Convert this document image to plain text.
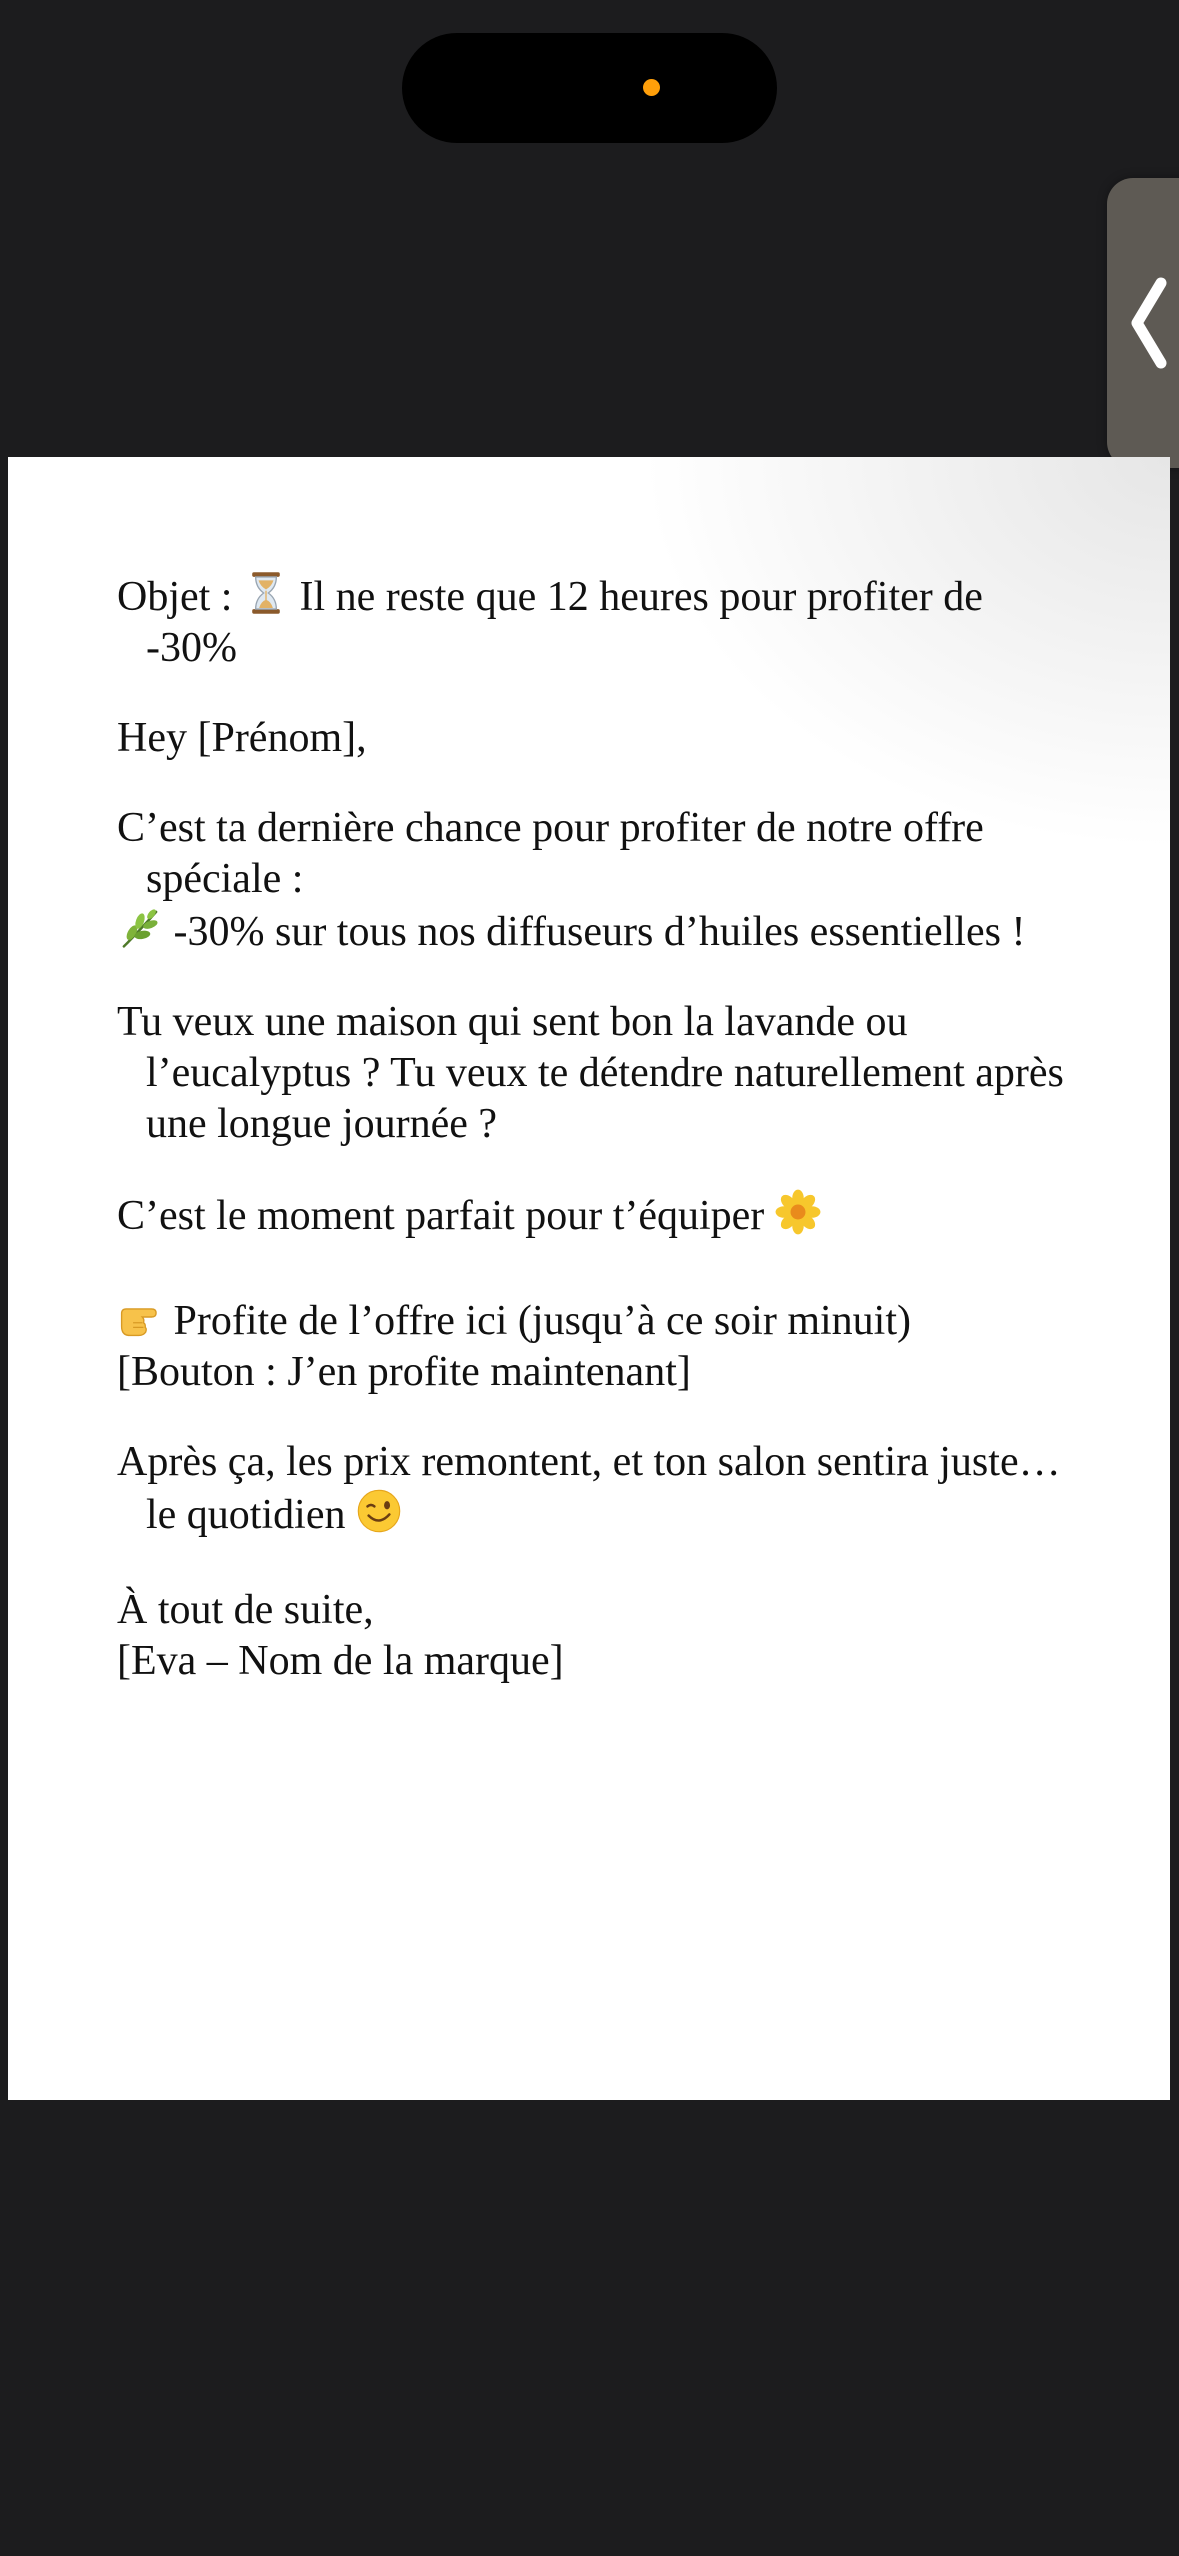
Objet :  Il ne reste que 12 heures pour profiter de -30%

Hey [Prénom],

C’est ta dernière chance pour profiter de notre offre spéciale :
-30% sur tous nos diffuseurs d’huiles essentielles !

Tu veux une maison qui sent bon la lavande ou l’eucalyptus ? Tu veux te détendre naturellement après une longue journée ?

C’est le moment parfait pour t’équiper

Profite de l’offre ici (jusqu’à ce soir minuit)
[Bouton : J’en profite maintenant]

Après ça, les prix remontent, et ton salon sentira juste… le quotidien

À tout de suite,
[Eva – Nom de la marque]
